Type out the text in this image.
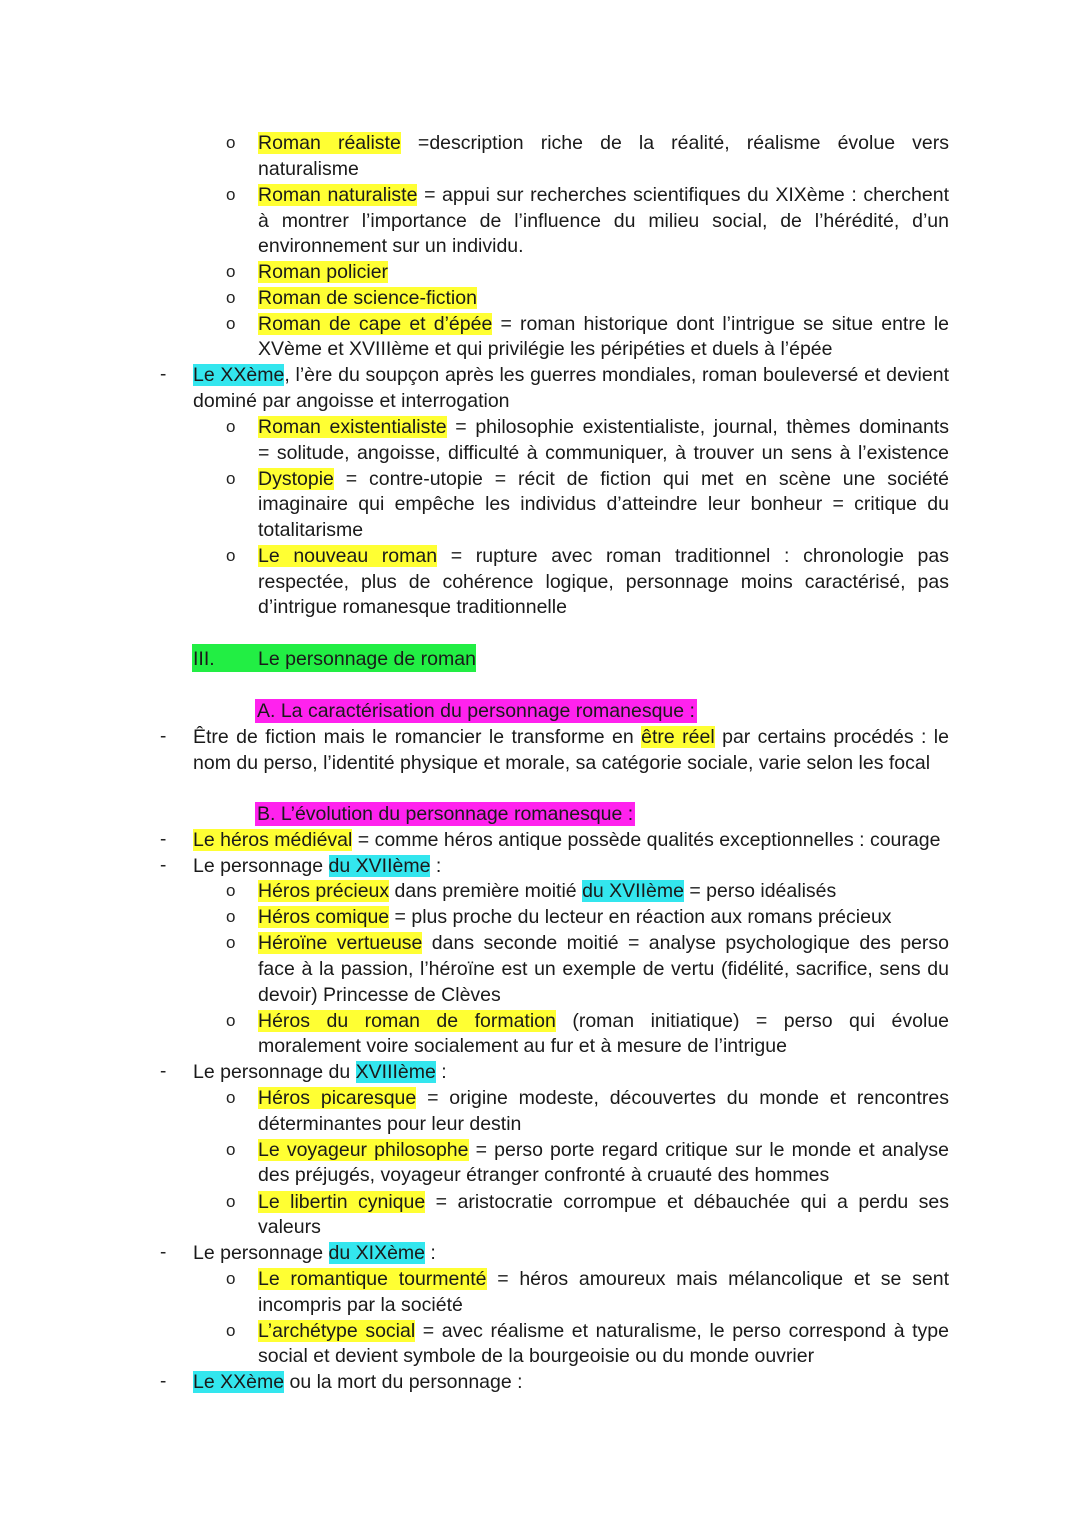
o
o
o
o
o
o
o
o
o
o
o
o
o
o
o
o
o
-
-
-
-
-
-
-
Roman réaliste =description riche de la réalité, réalisme évolue vers
naturalisme
Roman naturaliste = appui sur recherches scientifiques du XIXème : cherchent
à montrer l’importance de l’influence du milieu social, de l’hérédité, d’un
environnement sur un individu.
Roman policier
Roman de science-fiction
Roman de cape et d’épée = roman historique dont l’intrigue se situe entre le
XVème et XVIIIème et qui privilégie les péripéties et duels à l’épée
Le XXème, l’ère du soupçon après les guerres mondiales, roman bouleversé et devient
dominé par angoisse et interrogation
Roman existentialiste = philosophie existentialiste, journal, thèmes dominants
= solitude, angoisse, difficulté à communiquer, à trouver un sens à l’existence
Dystopie = contre-utopie = récit de fiction qui met en scène une société
imaginaire qui empêche les individus d’atteindre leur bonheur = critique du
totalitarisme
Le nouveau roman = rupture avec roman traditionnel : chronologie pas
respectée, plus de cohérence logique, personnage moins caractérisé, pas
d’intrigue romanesque traditionnelle
III. Le personnage de roman
A. La caractérisation du personnage romanesque :
Être de fiction mais le romancier le transforme en être réel par certains procédés : le
nom du perso, l’identité physique et morale, sa catégorie sociale, varie selon les focal
B. L’évolution du personnage romanesque :
Le héros médiéval = comme héros antique possède qualités exceptionnelles : courage
Le personnage du XVIIème :
Héros précieux dans première moitié du XVIIème = perso idéalisés
Héros comique = plus proche du lecteur en réaction aux romans précieux
Héroïne vertueuse dans seconde moitié = analyse psychologique des perso
face à la passion, l’héroïne est un exemple de vertu (fidélité, sacrifice, sens du
devoir) Princesse de Clèves
Héros du roman de formation (roman initiatique) = perso qui évolue
moralement voire socialement au fur et à mesure de l’intrigue
Le personnage du XVIIIème :
Héros picaresque = origine modeste, découvertes du monde et rencontres
déterminantes pour leur destin
Le voyageur philosophe = perso porte regard critique sur le monde et analyse
des préjugés, voyageur étranger confronté à cruauté des hommes
Le libertin cynique = aristocratie corrompue et débauchée qui a perdu ses
valeurs
Le personnage du XIXème :
Le romantique tourmenté = héros amoureux mais mélancolique et se sent
incompris par la société
L’archétype social = avec réalisme et naturalisme, le perso correspond à type
social et devient symbole de la bourgeoisie ou du monde ouvrier
Le XXème ou la mort du personnage :
